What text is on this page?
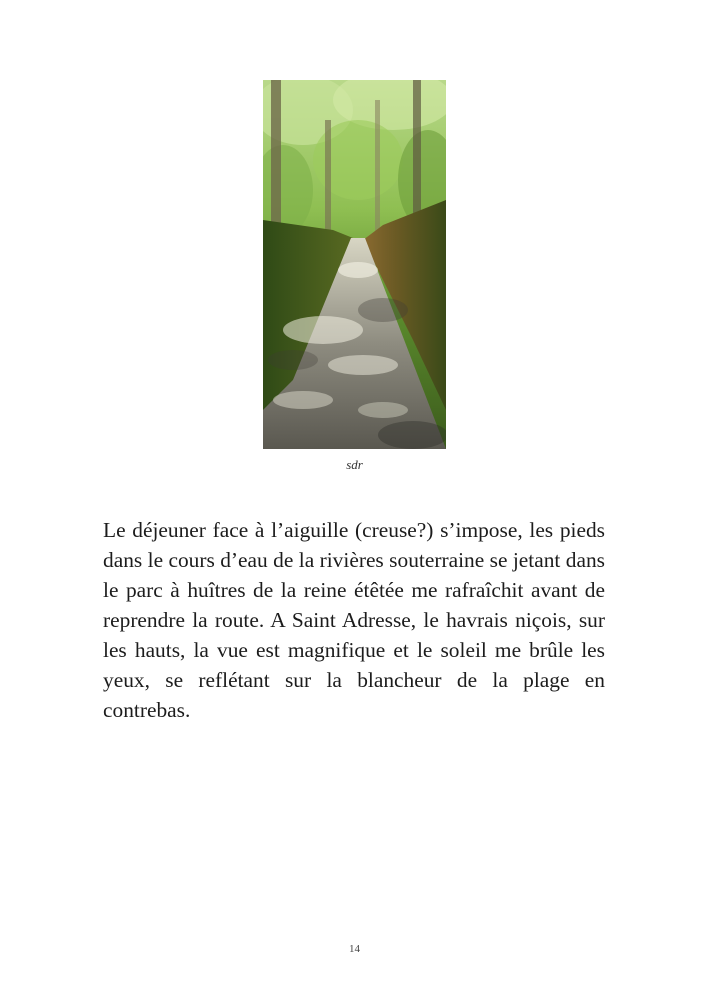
sdr

Le déjeuner face à l’aiguille (creuse?) s’impose, les pieds dans le cours d’eau de la rivières souterraine se jetant dans le parc à huîtres de la reine étêtée me rafraîchit avant de reprendre la route. A Saint Adresse, le havrais niçois, sur les hauts, la vue est magnifique et le soleil me brûle les yeux, se reflétant sur la blancheur de la plage en contrebas.

14
